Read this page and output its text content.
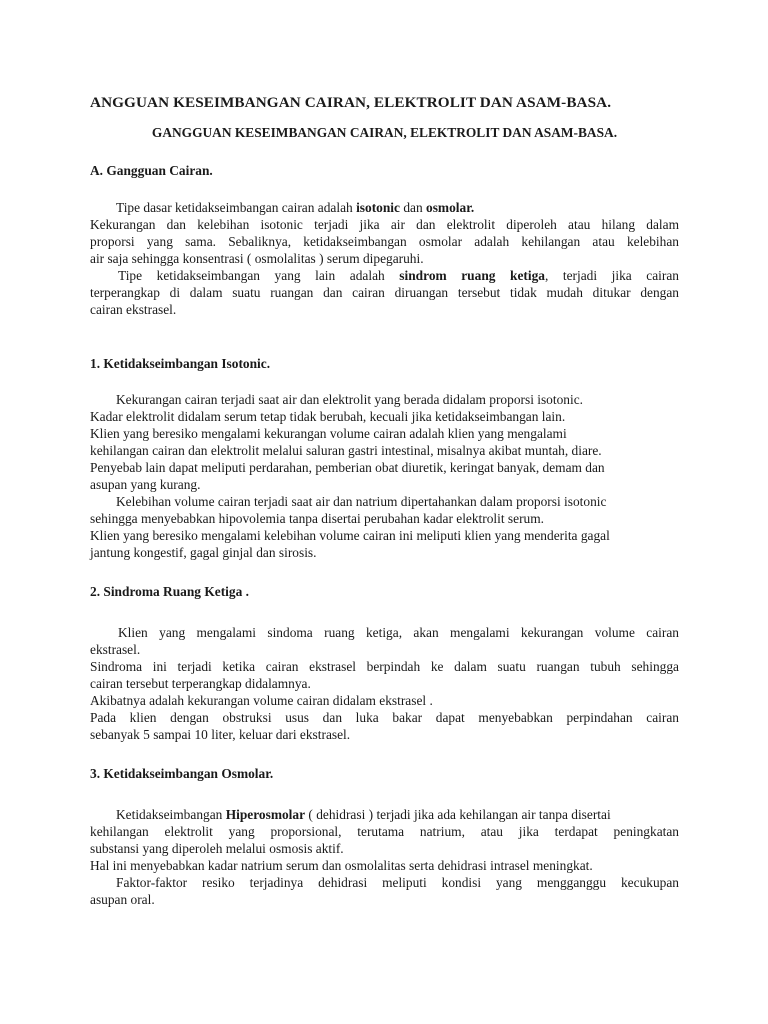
ANGGUAN KESEIMBANGAN CAIRAN, ELEKTROLIT DAN ASAM-BASA.
GANGGUAN KESEIMBANGAN CAIRAN, ELEKTROLIT DAN ASAM-BASA.

A. Gangguan Cairan.

Tipe dasar ketidakseimbangan cairan adalah isotonic dan osmolar.
Kekurangan dan kelebihan isotonic terjadi jika air dan elektrolit diperoleh atau hilang dalam
proporsi yang sama. Sebaliknya, ketidakseimbangan osmolar adalah kehilangan atau kelebihan
air saja sehingga konsentrasi ( osmolalitas ) serum dipegaruhi.
Tipe ketidakseimbangan yang lain adalah sindrom ruang ketiga, terjadi jika cairan
terperangkap di dalam suatu ruangan dan cairan diruangan tersebut tidak mudah ditukar dengan
cairan ekstrasel.

1. Ketidakseimbangan Isotonic.

Kekurangan cairan terjadi saat air dan elektrolit yang berada didalam proporsi isotonic.
Kadar elektrolit didalam serum tetap tidak berubah, kecuali jika ketidakseimbangan lain.
Klien yang beresiko mengalami kekurangan volume cairan adalah klien yang mengalami
kehilangan cairan dan elektrolit melalui saluran gastri intestinal, misalnya akibat muntah, diare.
Penyebab lain dapat meliputi perdarahan, pemberian obat diuretik, keringat banyak, demam dan
asupan yang kurang.
Kelebihan volume cairan terjadi saat air dan natrium dipertahankan dalam proporsi isotonic
sehingga menyebabkan hipovolemia tanpa disertai perubahan kadar elektrolit serum.
Klien yang beresiko mengalami kelebihan volume cairan ini meliputi klien yang menderita gagal
jantung kongestif, gagal ginjal dan sirosis.

2. Sindroma Ruang Ketiga .

Klien yang mengalami sindoma ruang ketiga, akan mengalami kekurangan volume cairan
ekstrasel.
Sindroma ini terjadi ketika cairan ekstrasel berpindah ke dalam suatu ruangan tubuh sehingga
cairan tersebut terperangkap didalamnya.
Akibatnya adalah kekurangan volume cairan didalam ekstrasel .
Pada klien dengan obstruksi usus dan luka bakar dapat menyebabkan perpindahan cairan
sebanyak 5 sampai 10 liter, keluar dari ekstrasel.

3. Ketidakseimbangan Osmolar.

Ketidakseimbangan Hiperosmolar ( dehidrasi ) terjadi jika ada kehilangan air tanpa disertai
kehilangan elektrolit yang proporsional, terutama natrium, atau jika terdapat peningkatan
substansi yang diperoleh melalui osmosis aktif.
Hal ini menyebabkan kadar natrium serum dan osmolalitas serta dehidrasi intrasel meningkat.
Faktor-faktor resiko terjadinya dehidrasi meliputi kondisi yang mengganggu kecukupan
asupan oral.
